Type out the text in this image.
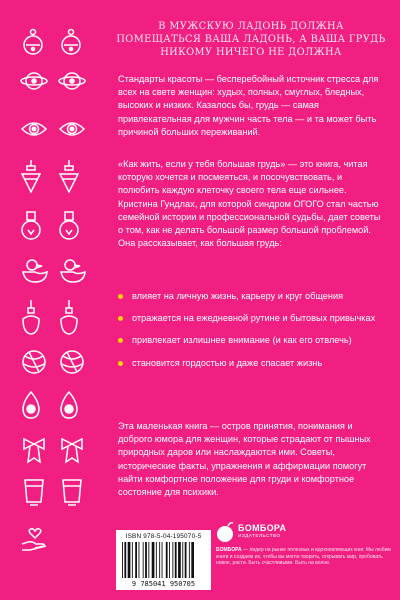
В МУЖСКУЮ ЛАДОНЬ ДОЛЖНА
ПОМЕЩАТЬСЯ ВАША ЛАДОНЬ, А ВАША ГРУДЬ
НИКОМУ НИЧЕГО НЕ ДОЛЖНА
Стандарты красоты — бесперебойный источник стресса для всех на свете женщин: худых, полных, смуглых, бледных, высоких и низких. Казалось бы, грудь — самая привлекательная для мужчин часть тела — и та может быть причиной больших переживаний.
«Как жить, если у тебя большая грудь» — это книга, читая которую хочется и посмеяться, и посочувствовать, и полюбить каждую клеточку своего тела еще сильнее. Кристина Гундлах, для которой синдром ОГОГО стал частью семейной истории и профессиональной судьбы, дает советы о том, как не делать большой размер большой проблемой. Она рассказывает, как большая грудь:
влияет на личную жизнь, карьеру и круг общения
отражается на ежедневной рутине и бытовых привычках
привлекает излишнее внимание (и как его отвлечь)
становится гордостью и даже спасает жизнь
Эта маленькая книга — остров принятия, понимания и доброго юмора для женщин, которые страдают от пышных природных даров или наслаждаются ими. Советы, исторические факты, упражнения и аффирмации помогут найти комфортное положение для груди и комфортное состояние для психики.
ISBN 978-5-04-195070-5
9 785041 950705
БОМБОРА
ИЗДАТЕЛЬСТВО
БОМБОРА — лидер на рынке полезных и вдохновляющих книг. Мы любим книги и создаем их, чтобы вы могли творить, открывать мир, пробовать новое, расти. Быть счастливыми. Быть на волне.
